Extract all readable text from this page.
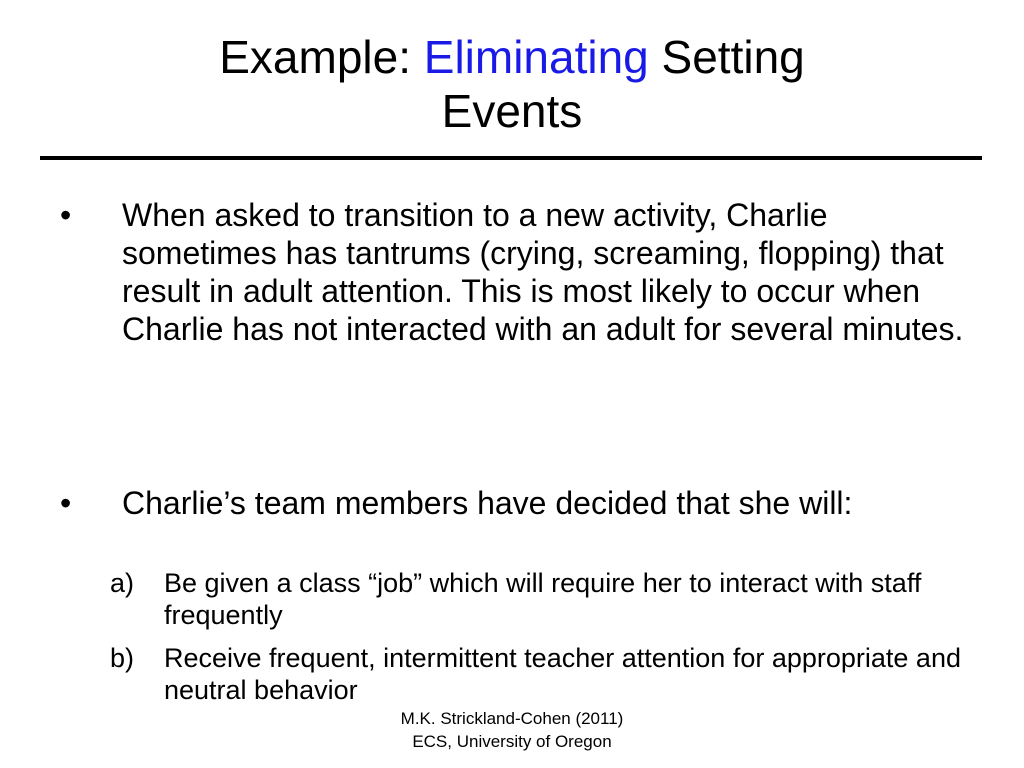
Example: Eliminating Setting
Events
•	When asked to transition to a new activity, Charlie sometimes has tantrums (crying, screaming, flopping) that result in adult attention. This is most likely to occur when Charlie has not interacted with an adult for several minutes.
•	Charlie’s team members have decided that she will:
a)	Be given a class “job” which will require her to interact with staff frequently
b)	Receive frequent, intermittent teacher attention for appropriate and neutral behavior
M.K. Strickland-Cohen (2011)
ECS, University of Oregon
